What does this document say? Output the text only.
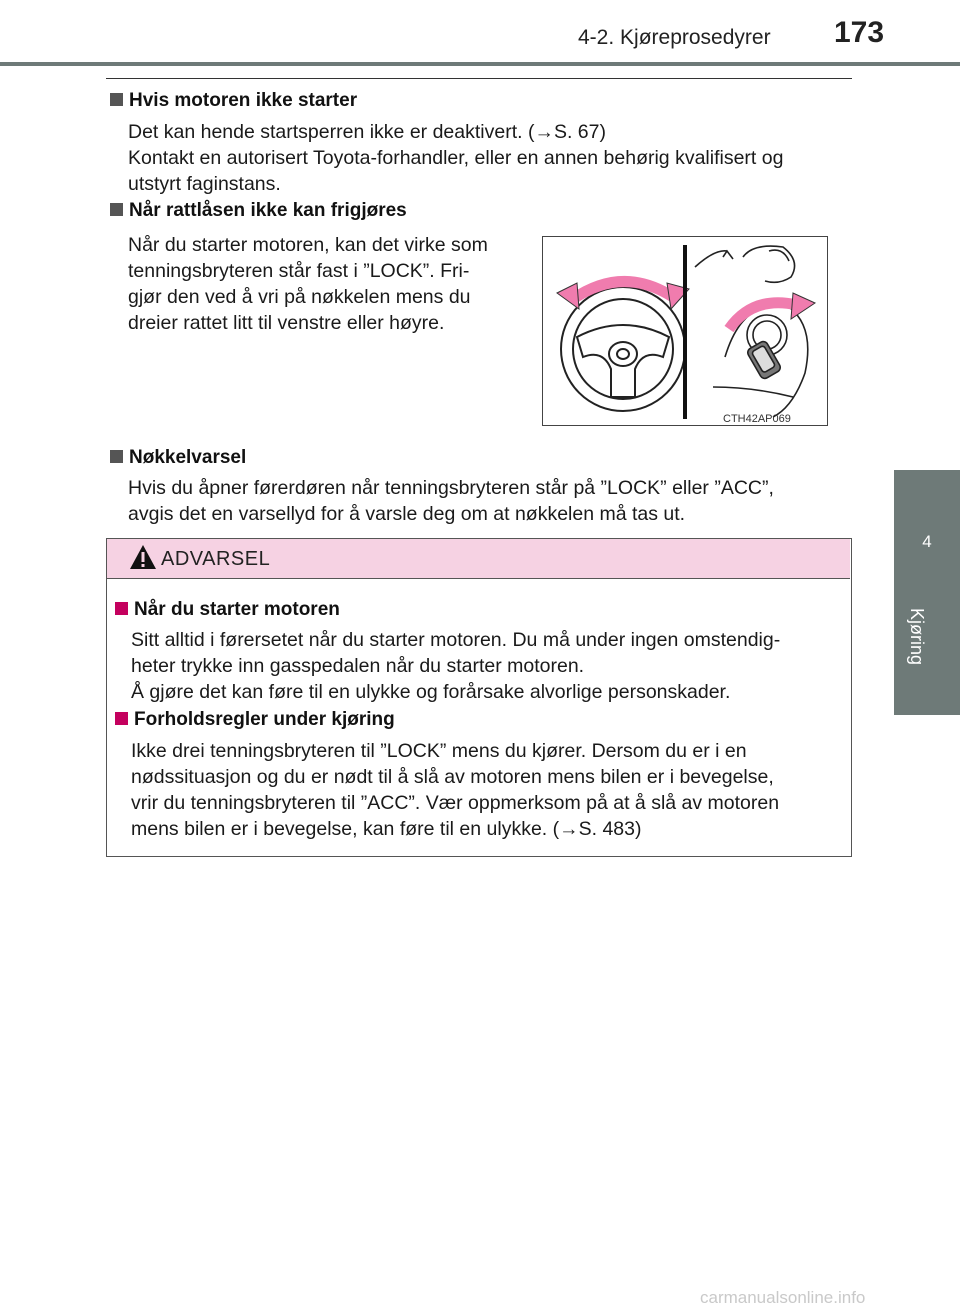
4-2. Kjøreprosedyrer 173
4
Kjøring
Hvis motoren ikke starter
Det kan hende startsperren ikke er deaktivert. (→S. 67)
Kontakt en autorisert Toyota-forhandler, eller en annen behørig kvalifisert og
utstyrt faginstans.
Når rattlåsen ikke kan frigjøres
Når du starter motoren, kan det virke som
tenningsbryteren står fast i ”LOCK”. Fri-
gjør den ved å vri på nøkkelen mens du
dreier rattet litt til venstre eller høyre.
CTH42AP069
Nøkkelvarsel
Hvis du åpner førerdøren når tenningsbryteren står på ”LOCK” eller ”ACC”,
avgis det en varsellyd for å varsle deg om at nøkkelen må tas ut.
ADVARSEL
Når du starter motoren
Sitt alltid i førersetet når du starter motoren. Du må under ingen omstendig-
heter trykke inn gasspedalen når du starter motoren.
Å gjøre det kan føre til en ulykke og forårsake alvorlige personskader.
Forholdsregler under kjøring
Ikke drei tenningsbryteren til ”LOCK” mens du kjører. Dersom du er i en
nødssituasjon og du er nødt til å slå av motoren mens bilen er i bevegelse,
vrir du tenningsbryteren til ”ACC”. Vær oppmerksom på at å slå av motoren
mens bilen er i bevegelse, kan føre til en ulykke. (→S. 483)
carmanualsonline.info
